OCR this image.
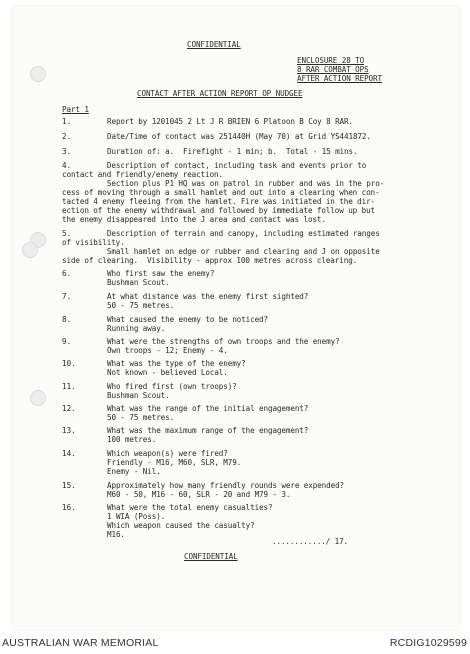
CONFIDENTIAL
ENCLOSURE 28 TO
8 RAR COMBAT OPS
AFTER ACTION REPORT
CONTACT AFTER ACTION REPORT OP NUDGEE
Part 1
1.	Report by 1201045 2 Lt J R BRIEN 6 Platoon B Coy 8 RAR.
2.	Date/Time of contact was 251440H (May 70) at Grid YS441872.
3.	Duration of: a.  Firefight - 1 min; b.  Total - 15 mins.
4. Description of contact, including task and events prior to
contact and friendly/enemy reaction.
Section plus P1 HQ was on patrol in rubber and was in the pro-
cess of moving through a small hamlet and out into a clearing when con-
tacted 4 enemy fleeing from the hamlet. Fire was initiated in the dir-
ection of the enemy withdrawal and followed by immediate follow up but
the enemy disappeared into the J area and contact was lost.
5. Description of terrain and canopy, including estimated ranges
of visibility.
Small hamlet on edge or rubber and clearing and J on opposite
side of clearing.  Visibility - approx 100 metres across clearing.
6.	Who first saw the enemy?
Bushman Scout.
7.	At what distance was the enemy first sighted?
50 - 75 metres.
8.	What caused the enemy to be noticed?
Running away.
9.	What were the strengths of own troops and the enemy?
Own troops - 12; Enemy - 4.
10.	What was the type of the enemy?
Not known - believed Local.
11.	Who fired first (own troops)?
Bushman Scout.
12.	What was the range of the initial engagement?
50 - 75 metres.
13.	What was the maximum range of the engagement?
100 metres.
14.	Which weapon(s) were fired?
Friendly - M16, M60, SLR, M79.
Enemy - Nil.
15.	Approximately how many friendly rounds were expended?
M60 - 50, M16 - 60, SLR - 20 and M79 - 3.
16.	What were the total enemy casualties?
1 WIA (Poss).
Which weapon caused the casualty?
M16.
............/ 17.
CONFIDENTIAL
AUSTRALIAN WAR MEMORIAL	RCDIG1029599
